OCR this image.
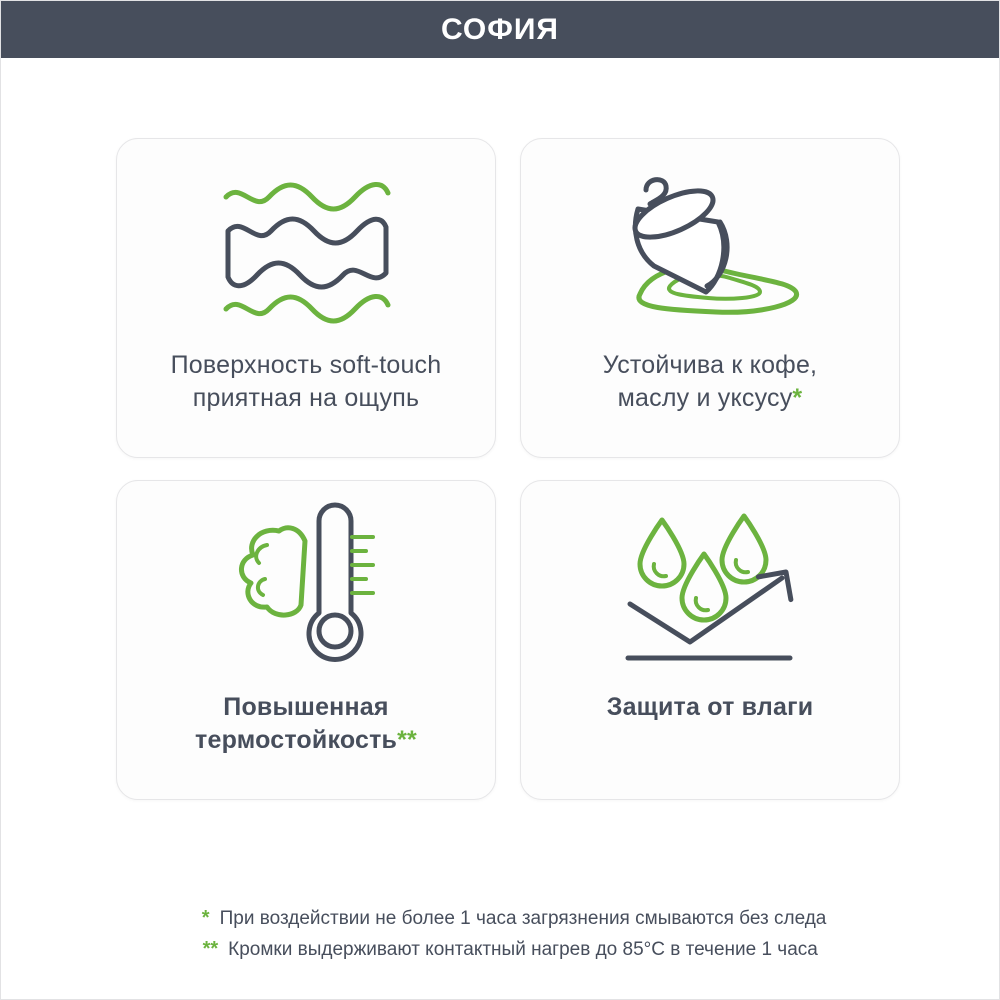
СОФИЯ
Поверхность soft-touch
приятная на ощупь
Устойчива к кофе,
маслу и уксусу*
Повышенная
термостойкость**
Защита от влаги
* При воздействии не более 1 часа загрязнения смываются без следа
** Кромки выдерживают контактный нагрев до 85°C в течение 1 часа
